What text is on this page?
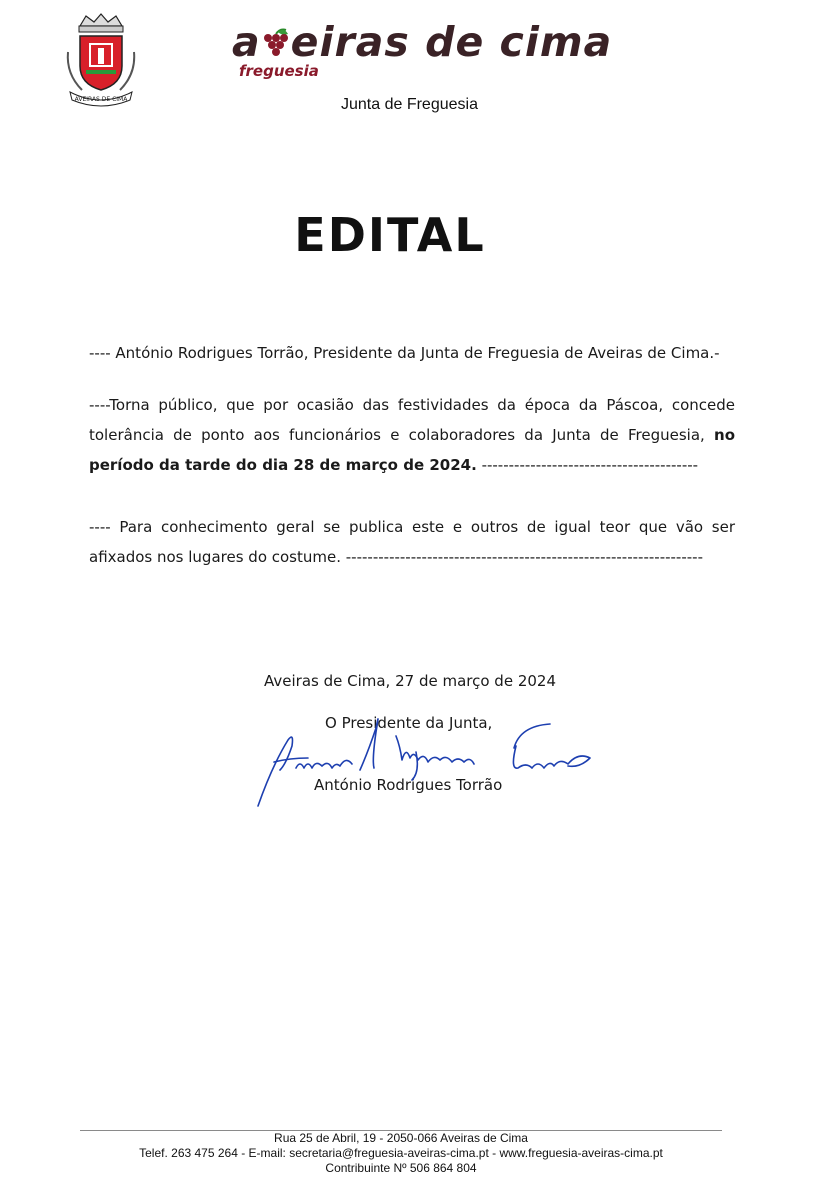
AVEIRAS DE CIMA
a eiras de cima
freguesia
Junta de Freguesia
EDITAL
---- António Rodrigues Torrão, Presidente da Junta de Freguesia de Aveiras de Cima.-
----Torna público, que por ocasião das festividades da época da Páscoa, concede tolerância de ponto aos funcionários e colaboradores da Junta de Freguesia, no período da tarde do dia 28 de março de 2024. ----------------------------------------
---- Para conhecimento geral se publica este e outros de igual teor que vão ser afixados nos lugares do costume. ------------------------------------------------------------------
Aveiras de Cima, 27 de março de 2024
O Presidente da Junta,
António Rodrigues Torrão
Rua 25 de Abril, 19 - 2050-066 Aveiras de Cima
Telef. 263 475 264 - E-mail: secretaria@freguesia-aveiras-cima.pt - www.freguesia-aveiras-cima.pt
Contribuinte Nº 506 864 804
